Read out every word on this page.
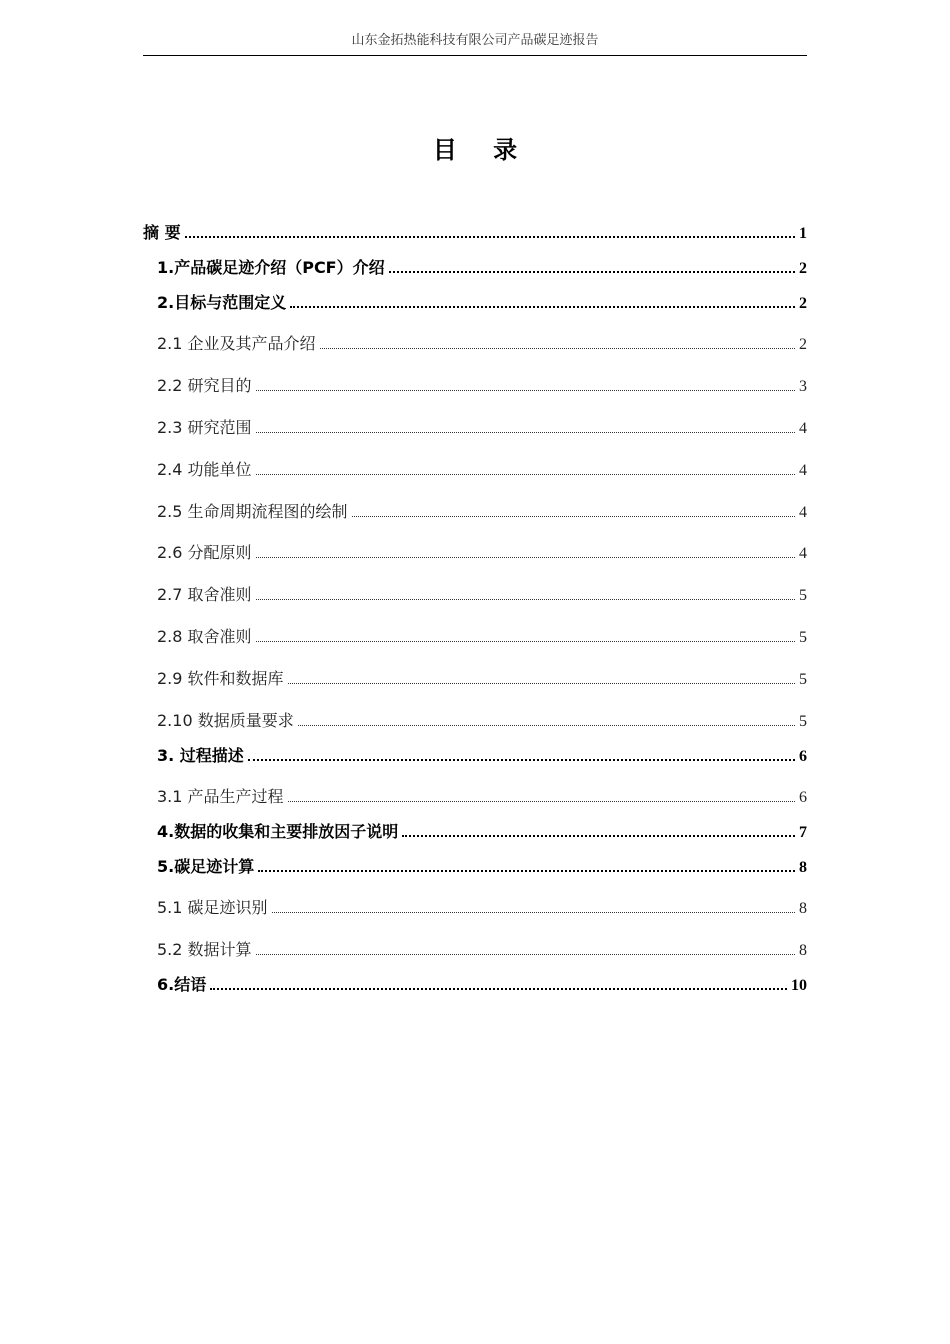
山东金拓热能科技有限公司产品碳足迹报告
目 录
摘 要	1
1.产品碳足迹介绍（PCF）介绍	2
2.目标与范围定义	2
2.1 企业及其产品介绍	2
2.2 研究目的	3
2.3 研究范围	4
2.4 功能单位	4
2.5 生命周期流程图的绘制	4
2.6 分配原则	4
2.7 取舍准则	5
2.8 取舍准则	5
2.9 软件和数据库	5
2.10 数据质量要求	5
3. 过程描述	6
3.1 产品生产过程	6
4.数据的收集和主要排放因子说明	7
5.碳足迹计算	8
5.1 碳足迹识别	8
5.2 数据计算	8
6.结语	10
